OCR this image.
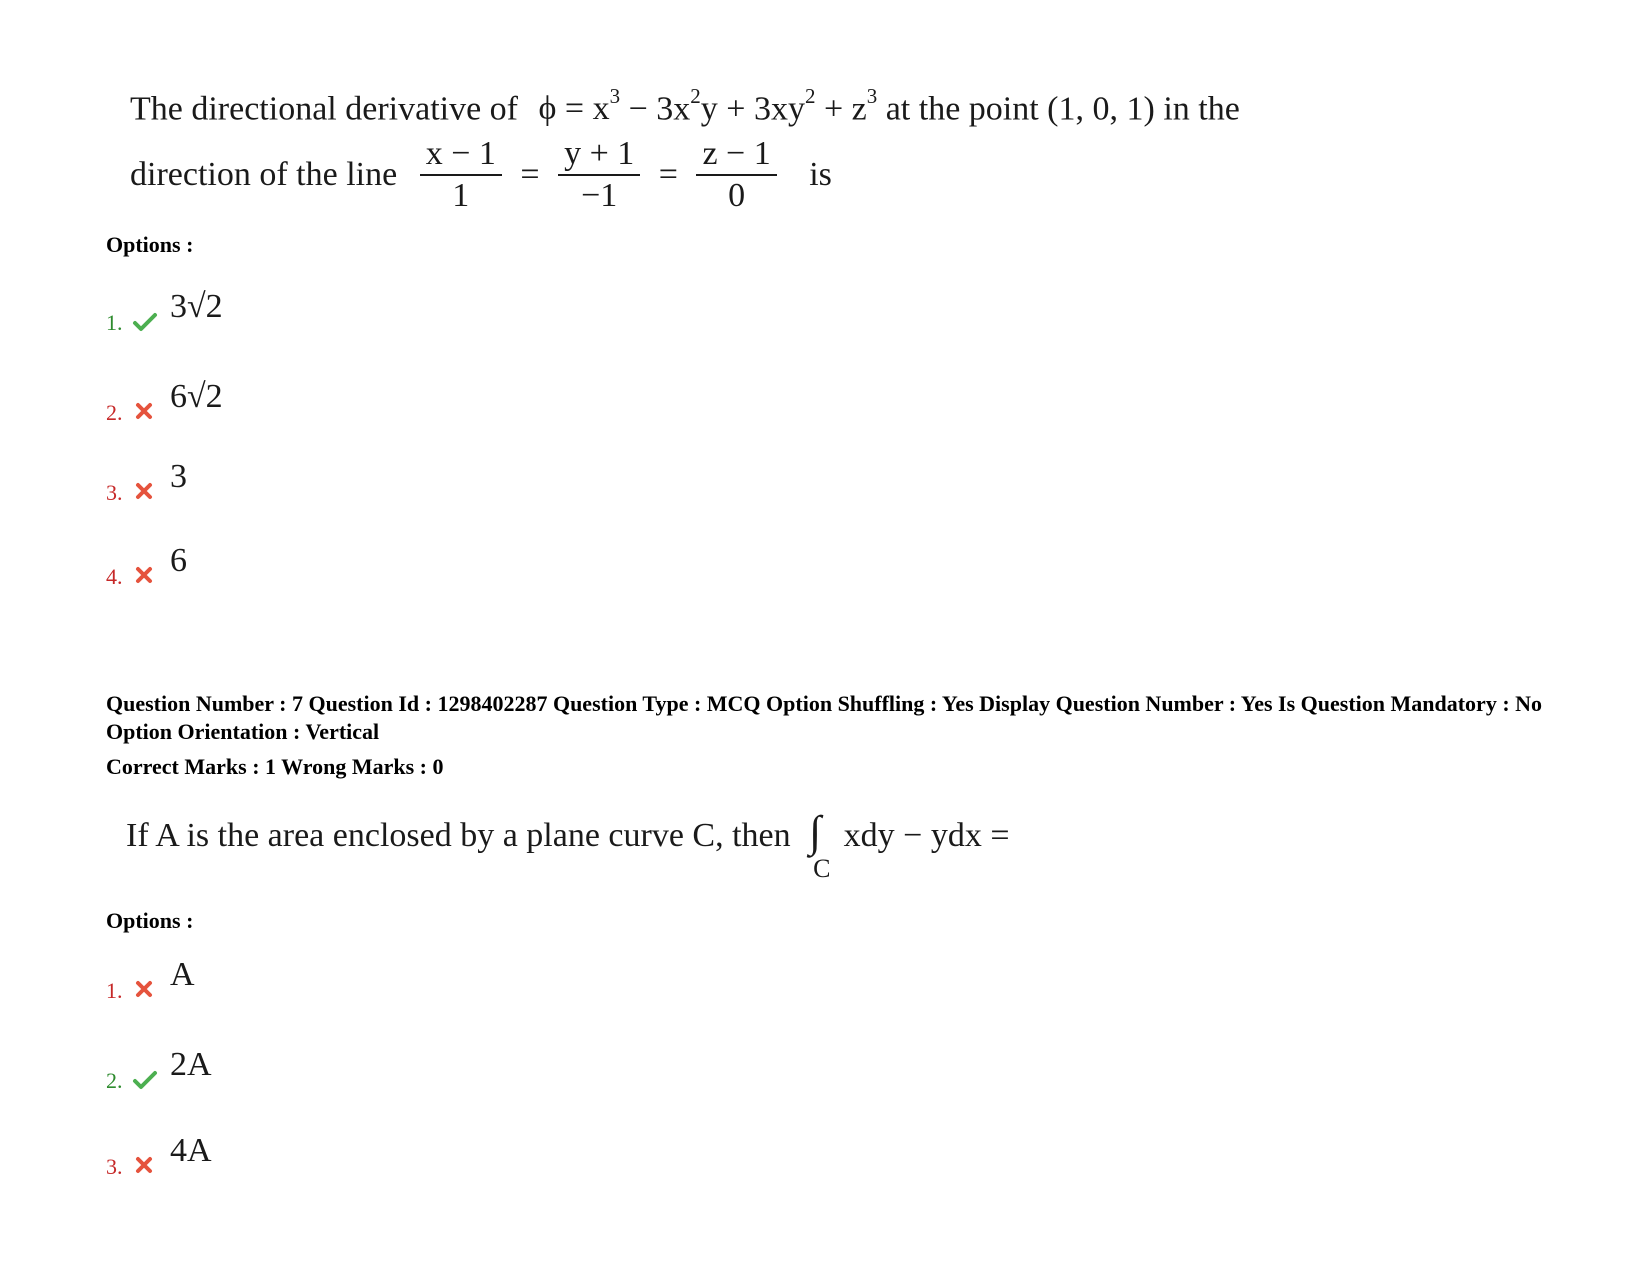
The directional derivative of $\phi = x^3 - 3x^2y + 3xy^2 + z^3$ at the point (1, 0, 1) in the
direction of the line $\frac{x - 1}{1} = \frac{y + 1}{-1} = \frac{z - 1}{0}$ is
Options :
1. 3√2
2. 6√2
3. 3
4. 6
Question Number : 7 Question Id : 1298402287 Question Type : MCQ Option Shuffling : Yes Display Question Number : Yes Is Question Mandatory : No Option Orientation : Vertical
Correct Marks : 1 Wrong Marks : 0
If A is the area enclosed by a plane curve C, then ∫
C
xdy − ydx =
Options :
1. A
2. 2A
3. 4A
